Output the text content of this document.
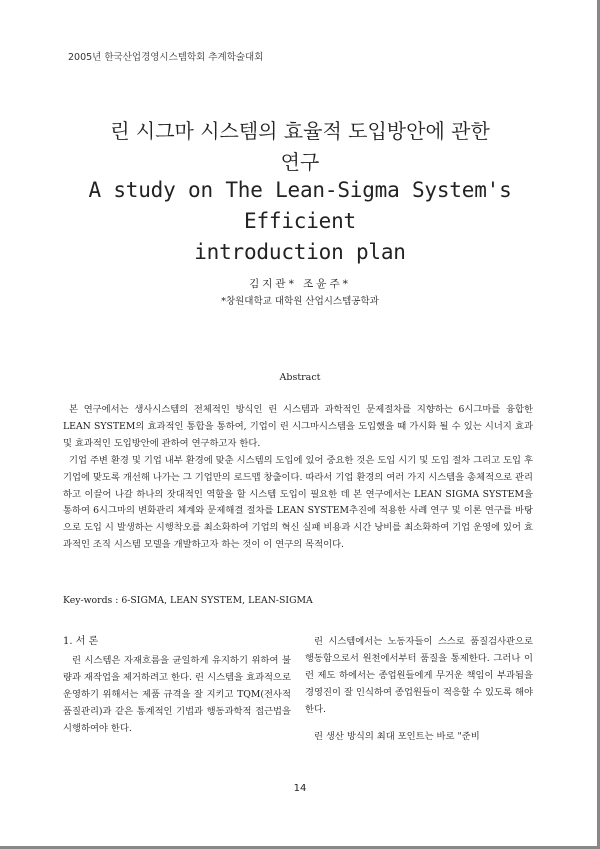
2005년 한국산업경영시스템학회 추계학술대회
린 시그마 시스템의 효율적 도입방안에 관한
연구
A study on The Lean-Sigma System's Efficient
introduction plan
김지관* 조윤주*
*창원대학교 대학원 산업시스템공학과
Abstract

본 연구에서는 생사시스템의 전체적인 방식인 린 시스템과 과학적인 문제절차를 지향하는 6시그마를 융합한 LEAN SYSTEM의 효과적인 통합을 통하여, 기업이 린 시그마시스템을 도입했을 때 가시화 될 수 있는 시너지 효과 및 효과적인 도입방안에 관하여 연구하고자 한다.

기업 주변 환경 및 기업 내부 환경에 맞춘 시스템의 도입에 있어 중요한 것은 도입 시기 및 도입 절차 그리고 도입 후 기업에 맞도록 개선해 나가는 그 기업만의 로드맵 창출이다. 따라서 기업 환경의 여러 가지 시스템을 총체적으로 관리하고 이끌어 나갈 하나의 잣대적인 역할을 할 시스템 도입이 필요한 데 본 연구에서는 LEAN SIGMA SYSTEM을 통하여 6시그마의 변화관리 체계와 문제해결 절차를 LEAN SYSTEM추진에 적용한 사례 연구 및 이론 연구를 바탕으로 도입 시 발생하는 시행착오를 최소화하여 기업의 혁신 실패 비용과 시간 낭비를 최소화하여 기업 운영에 있어 효과적인 조직 시스템 모델을 개발하고자 하는 것이 이 연구의 목적이다.

Key-words : 6-SIGMA, LEAN SYSTEM, LEAN-SIGMA
1. 서 론

린 시스템은 자재흐름을 균일하게 유지하기 위하여 불량과 재작업을 제거하려고 한다. 린 시스템을 효과적으로 운영하기 위해서는 제품 규격을 잘 지키고 TQM(전사적 품질관리)과 같은 통계적인 기법과 행동과학적 접근법을 시행하여야 한다.

린 시스템에서는 노동자들이 스스로 품질검사관으로 행동함으로서 원천에서부터 품질을 통제한다. 그러나 이런 제도 하에서는 종업원들에게 무거운 책임이 부과됨을 경영진이 잘 인식하여 종업원들이 적응할 수 있도록 해야 한다.

린 생산 방식의 최대 포인트는 바로 "준비

14
